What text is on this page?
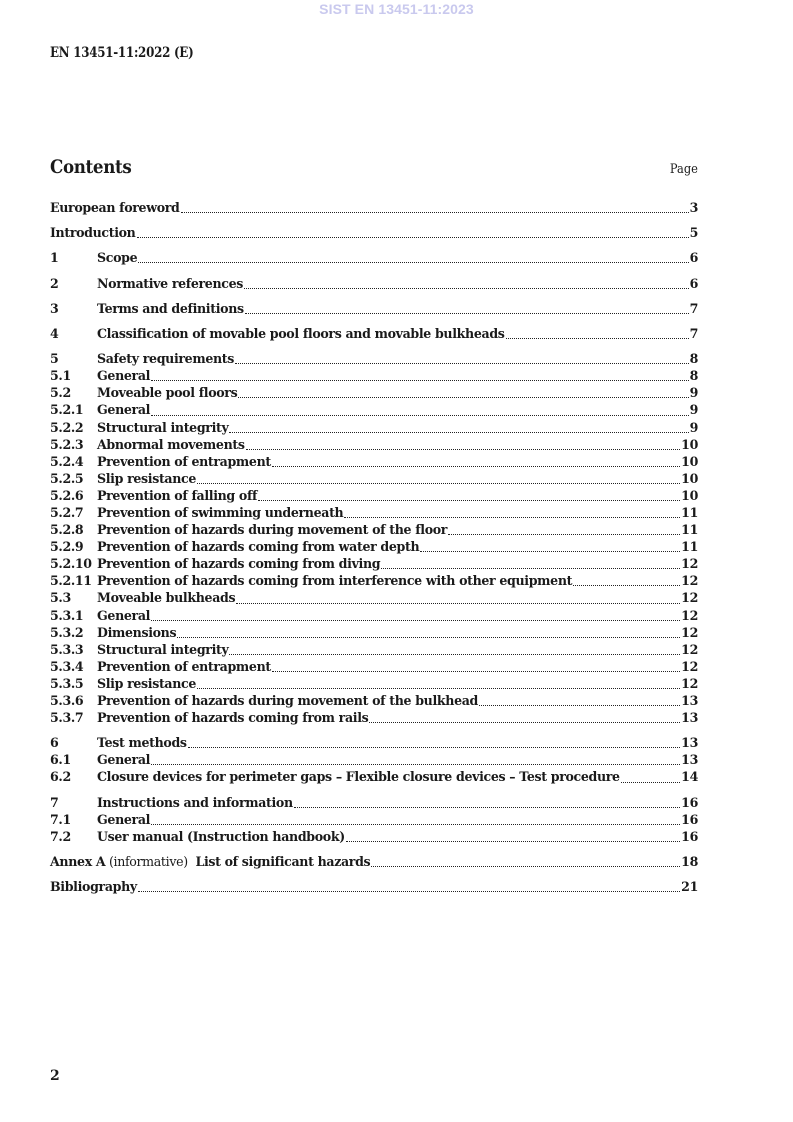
SIST EN 13451-11:2023
EN 13451-11:2022 (E)
Contents	Page
European foreword	3
Introduction	5
1	Scope	6
2	Normative references	6
3	Terms and definitions	7
4	Classification of movable pool floors and movable bulkheads	7
5	Safety requirements	8
5.1	General	8
5.2	Moveable pool floors	9
5.2.1	General	9
5.2.2	Structural integrity	9
5.2.3	Abnormal movements	10
5.2.4	Prevention of entrapment	10
5.2.5	Slip resistance	10
5.2.6	Prevention of falling off	10
5.2.7	Prevention of swimming underneath	11
5.2.8	Prevention of hazards during movement of the floor	11
5.2.9	Prevention of hazards coming from water depth	11
5.2.10 Prevention of hazards coming from diving	12
5.2.11 Prevention of hazards coming from interference with other equipment	12
5.3	Moveable bulkheads	12
5.3.1	General	12
5.3.2	Dimensions	12
5.3.3	Structural integrity	12
5.3.4	Prevention of entrapment	12
5.3.5	Slip resistance	12
5.3.6	Prevention of hazards during movement of the bulkhead	13
5.3.7	Prevention of hazards coming from rails	13
6	Test methods	13
6.1	General	13
6.2	Closure devices for perimeter gaps – Flexible closure devices – Test procedure	14
7	Instructions and information	16
7.1	General	16
7.2	User manual (Instruction handbook)	16
Annex A (informative)  List of significant hazards	18
Bibliography	21
2
